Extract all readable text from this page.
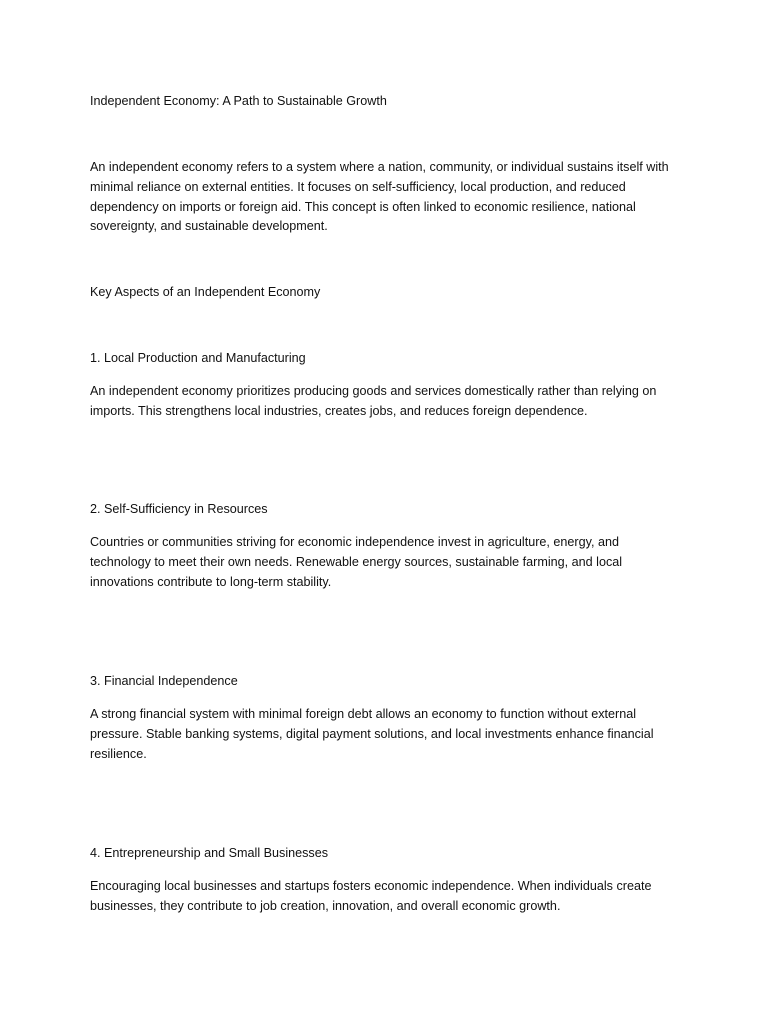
Independent Economy: A Path to Sustainable Growth

An independent economy refers to a system where a nation, community, or individual sustains itself with minimal reliance on external entities. It focuses on self-sufficiency, local production, and reduced dependency on imports or foreign aid. This concept is often linked to economic resilience, national sovereignty, and sustainable development.

Key Aspects of an Independent Economy

1. Local Production and Manufacturing

An independent economy prioritizes producing goods and services domestically rather than relying on imports. This strengthens local industries, creates jobs, and reduces foreign dependence.

2. Self-Sufficiency in Resources

Countries or communities striving for economic independence invest in agriculture, energy, and technology to meet their own needs. Renewable energy sources, sustainable farming, and local innovations contribute to long-term stability.

3. Financial Independence

A strong financial system with minimal foreign debt allows an economy to function without external pressure. Stable banking systems, digital payment solutions, and local investments enhance financial resilience.

4. Entrepreneurship and Small Businesses

Encouraging local businesses and startups fosters economic independence. When individuals create businesses, they contribute to job creation, innovation, and overall economic growth.
